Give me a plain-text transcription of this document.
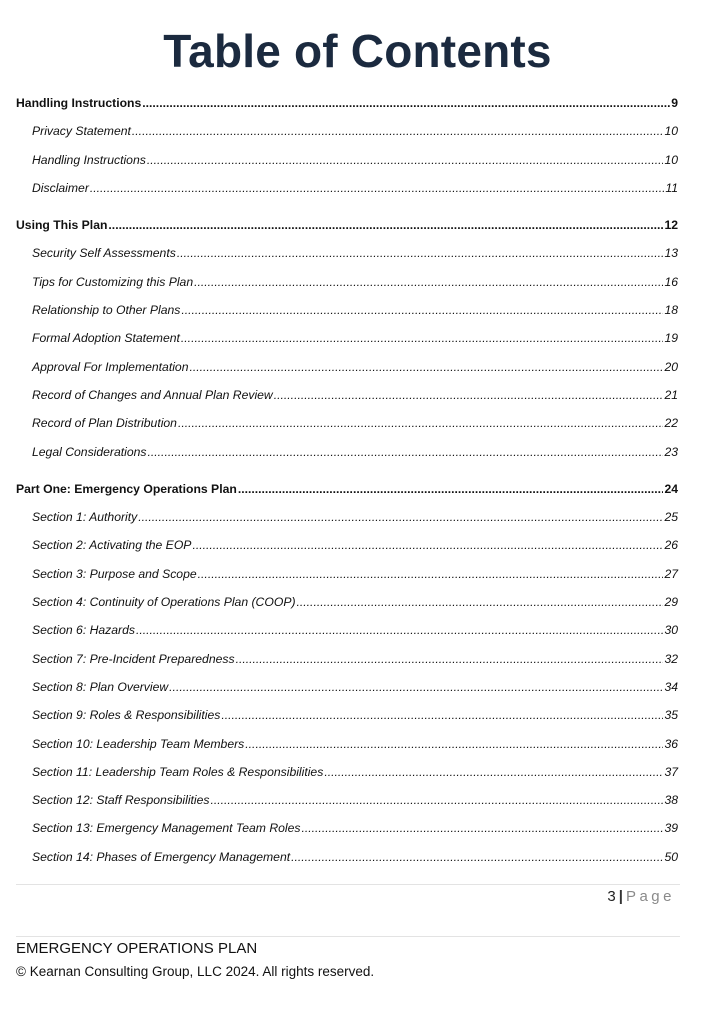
Table of Contents
Handling Instructions .....	9
Privacy Statement .....	10
Handling Instructions .....	10
Disclaimer .....	11
Using This Plan .....	12
Security Self Assessments .....	13
Tips for Customizing this Plan .....	16
Relationship to Other Plans .....	18
Formal Adoption Statement .....	19
Approval For Implementation .....	20
Record of Changes and Annual Plan Review .....	21
Record of Plan Distribution .....	22
Legal Considerations .....	23
Part One: Emergency Operations Plan .....	24
Section 1: Authority .....	25
Section 2: Activating the EOP .....	26
Section 3: Purpose and Scope .....	27
Section 4: Continuity of Operations Plan (COOP) .....	29
Section 6: Hazards .....	30
Section 7: Pre-Incident Preparedness .....	32
Section 8: Plan Overview .....	34
Section 9: Roles & Responsibilities .....	35
Section 10: Leadership Team Members .....	36
Section 11: Leadership Team Roles & Responsibilities .....	37
Section 12: Staff Responsibilities .....	38
Section 13: Emergency Management Team Roles .....	39
Section 14: Phases of Emergency Management .....	50
3 | Page
EMERGENCY OPERATIONS PLAN
© Kearnan Consulting Group, LLC 2024. All rights reserved.
